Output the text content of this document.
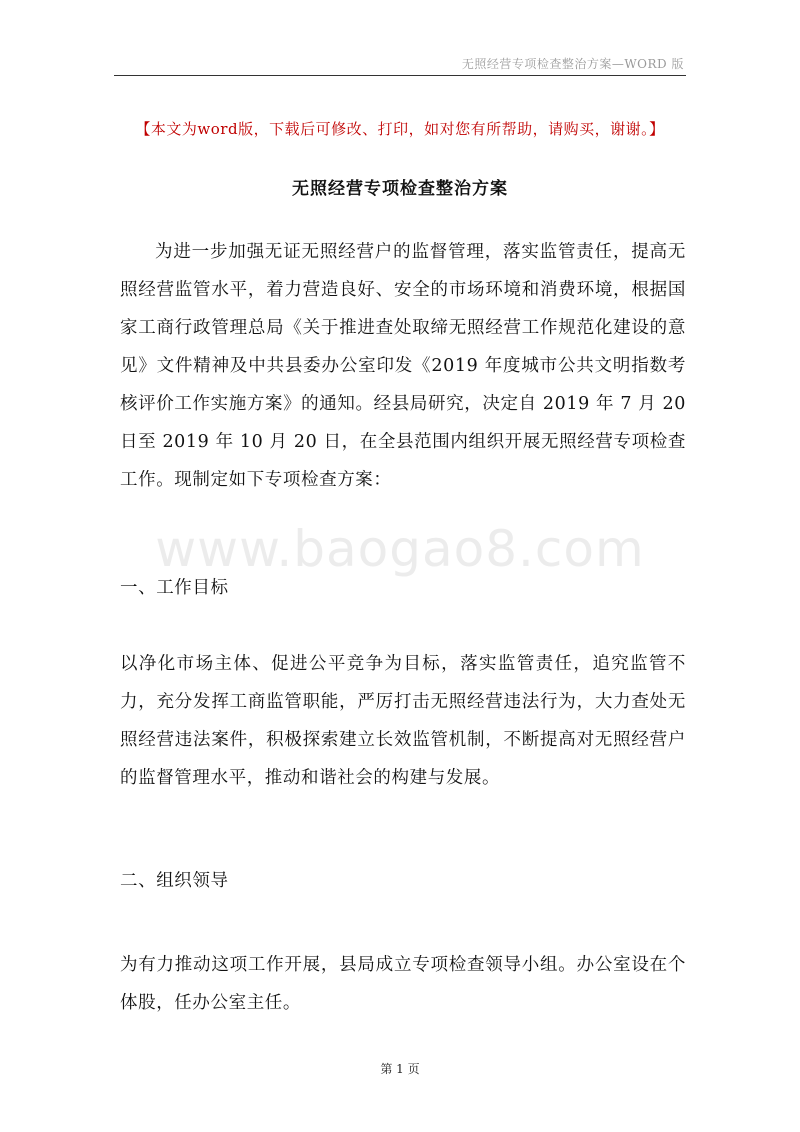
无照经营专项检查整治方案—WORD 版
【本文为word版，下载后可修改、打印，如对您有所帮助，请购买，谢谢。】
无照经营专项检查整治方案
为进一步加强无证无照经营户的监督管理，落实监管责任，提高无照经营监管水平，着力营造良好、安全的市场环境和消费环境，根据国家工商行政管理总局《关于推进查处取缔无照经营工作规范化建设的意见》文件精神及中共县委办公室印发《2019 年度城市公共文明指数考核评价工作实施方案》的通知。经县局研究，决定自 2019 年 7 月 20 日至 2019 年 10 月 20 日，在全县范围内组织开展无照经营专项检查工作。现制定如下专项检查方案：
www.baogao8.com
一、工作目标
以净化市场主体、促进公平竞争为目标，落实监管责任，追究监管不力，充分发挥工商监管职能，严厉打击无照经营违法行为，大力查处无照经营违法案件，积极探索建立长效监管机制，不断提高对无照经营户的监督管理水平，推动和谐社会的构建与发展。
二、组织领导
为有力推动这项工作开展，县局成立专项检查领导小组。办公室设在个体股，任办公室主任。
第 1 页
